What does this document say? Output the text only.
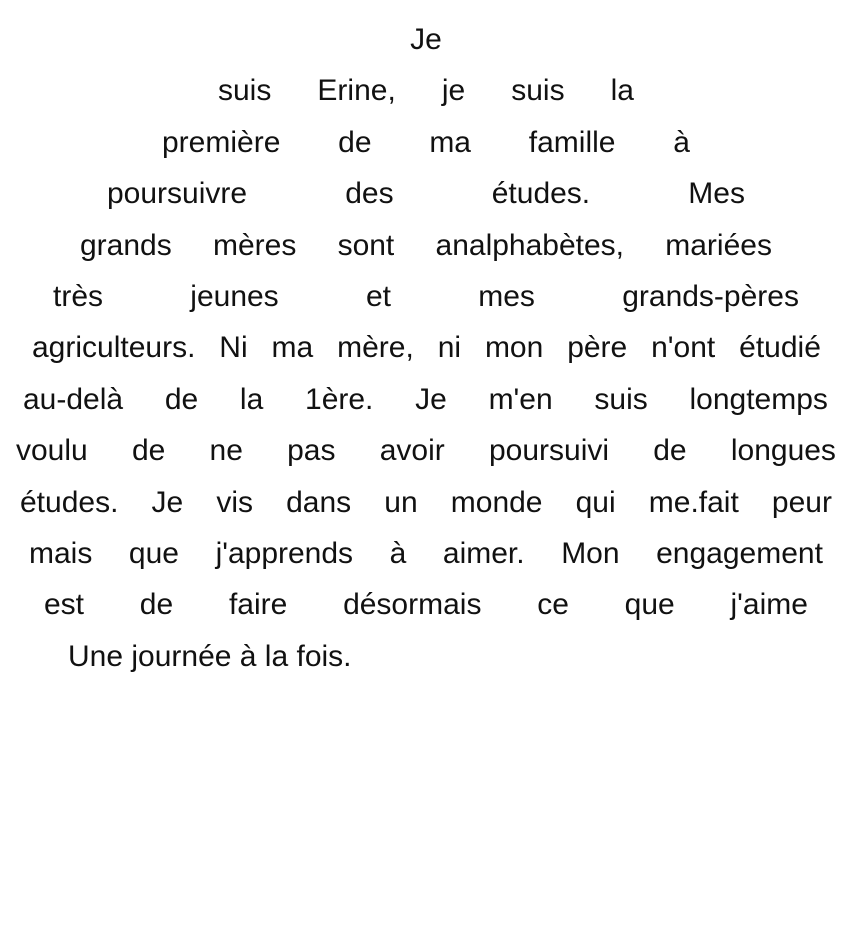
Je
suis Erine, je suis la
première de ma famille à
poursuivre	des	études.	Mes
grands mères sont analphabètes, mariées
très	jeunes	et	mes	grands-pères
agriculteurs. Ni ma mère, ni mon père n'ont étudié
au-delà de la 1ère. Je m'en suis longtemps
voulu de ne pas avoir poursuivi de longues
études. Je vis dans un monde qui me.fait peur
mais que j'apprends à aimer. Mon engagement
est de faire désormais ce que j'aime
Une journée à la fois.
